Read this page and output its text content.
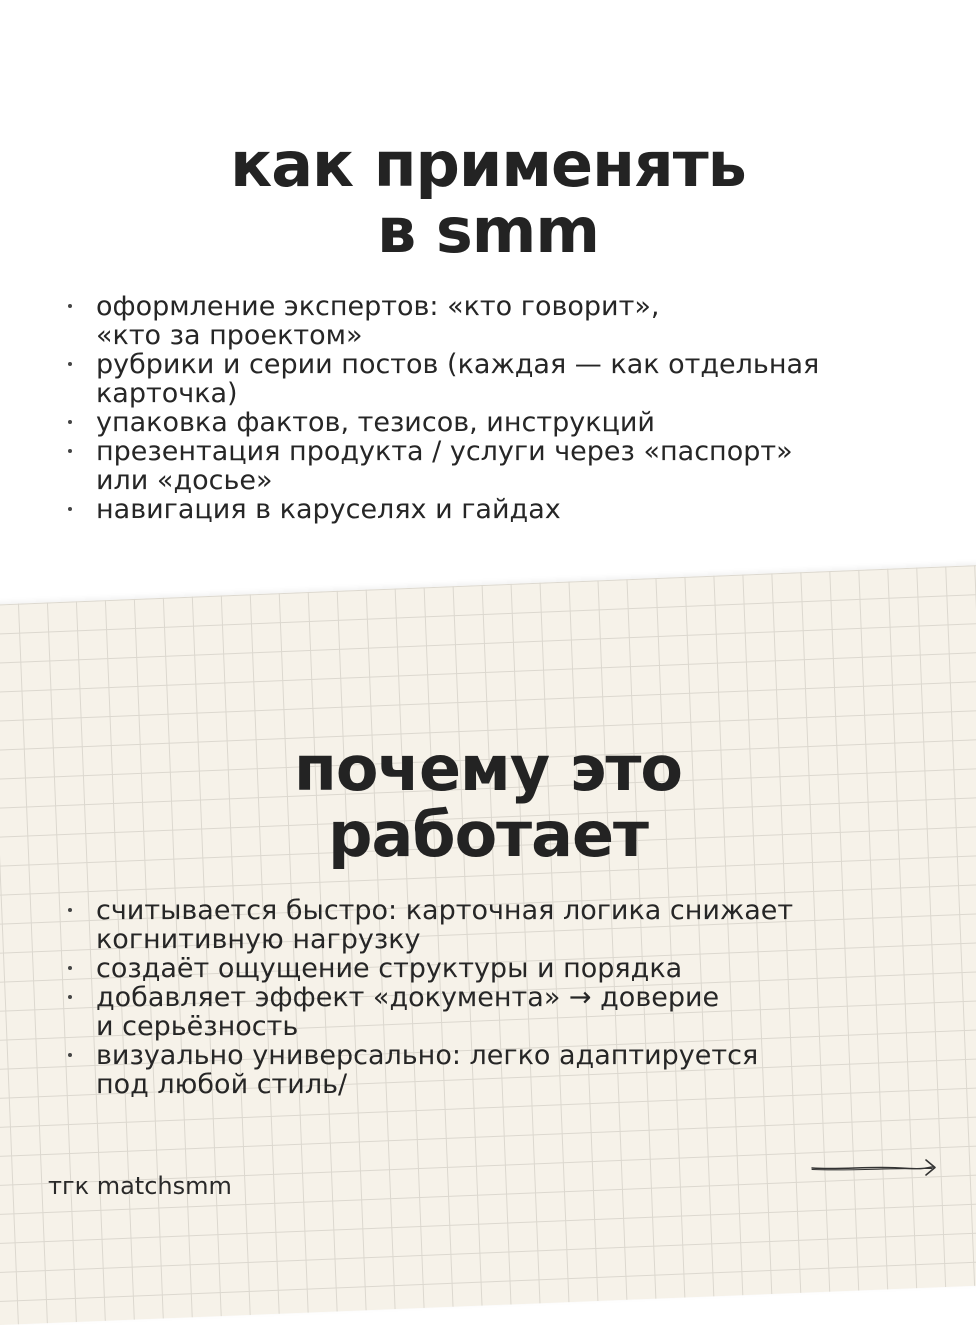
как применять
в smm
оформление экспертов: «кто говорит»,
«кто за проектом»
рубрики и серии постов (каждая — как отдельная
карточка)
упаковка фактов, тезисов, инструкций
презентация продукта / услуги через «паспорт»
или «досье»
навигация в каруселях и гайдах
почему это
работает
считывается быстро: карточная логика снижает
когнитивную нагрузку
создаёт ощущение структуры и порядка
добавляет эффект «документа» → доверие
и серьёзность
визуально универсально: легко адаптируется
под любой стиль/
тгк matchsmm
